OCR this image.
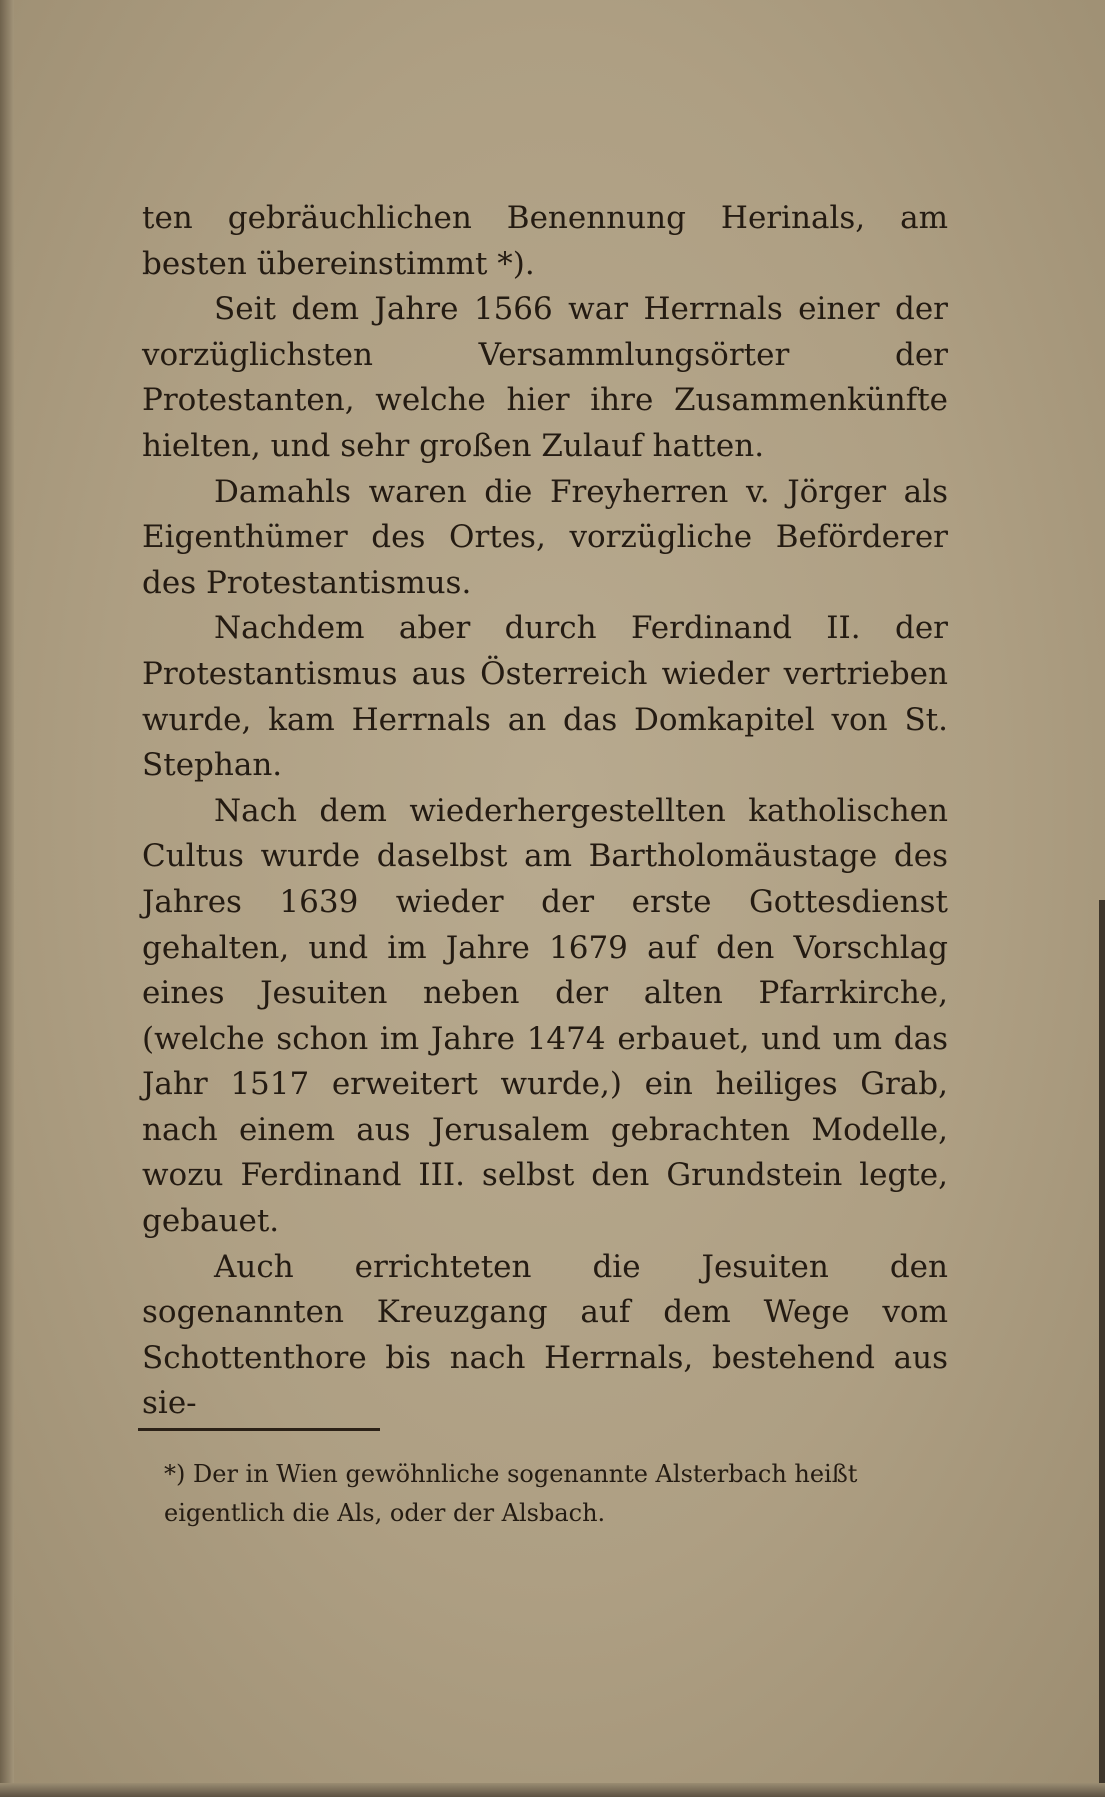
ten gebräuchlichen Benennung Herinals, am besten übereinstimmt *).

Seit dem Jahre 1566 war Herrnals einer der vorzüglichsten Versammlungsörter der Protestanten, welche hier ihre Zusammenkünfte hielten, und sehr großen Zulauf hatten.

Damahls waren die Freyherren v. Jörger als Eigenthümer des Ortes, vorzügliche Beförderer des Protestantismus.

Nachdem aber durch Ferdinand II. der Protestantismus aus Österreich wieder vertrieben wurde, kam Herrnals an das Domkapitel von St. Stephan.

Nach dem wiederhergestellten katholischen Cultus wurde daselbst am Bartholomäustage des Jahres 1639 wieder der erste Gottesdienst gehalten, und im Jahre 1679 auf den Vorschlag eines Jesuiten neben der alten Pfarrkirche, (welche schon im Jahre 1474 erbauet, und um das Jahr 1517 erweitert wurde,) ein heiliges Grab, nach einem aus Jerusalem gebrachten Modelle, wozu Ferdinand III. selbst den Grundstein legte, gebauet.

Auch errichteten die Jesuiten den sogenannten Kreuzgang auf dem Wege vom Schottenthore bis nach Herrnals, bestehend aus sie-

*) Der in Wien gewöhnliche sogenannte Alsterbach heißt eigentlich die Als, oder der Alsbach.
